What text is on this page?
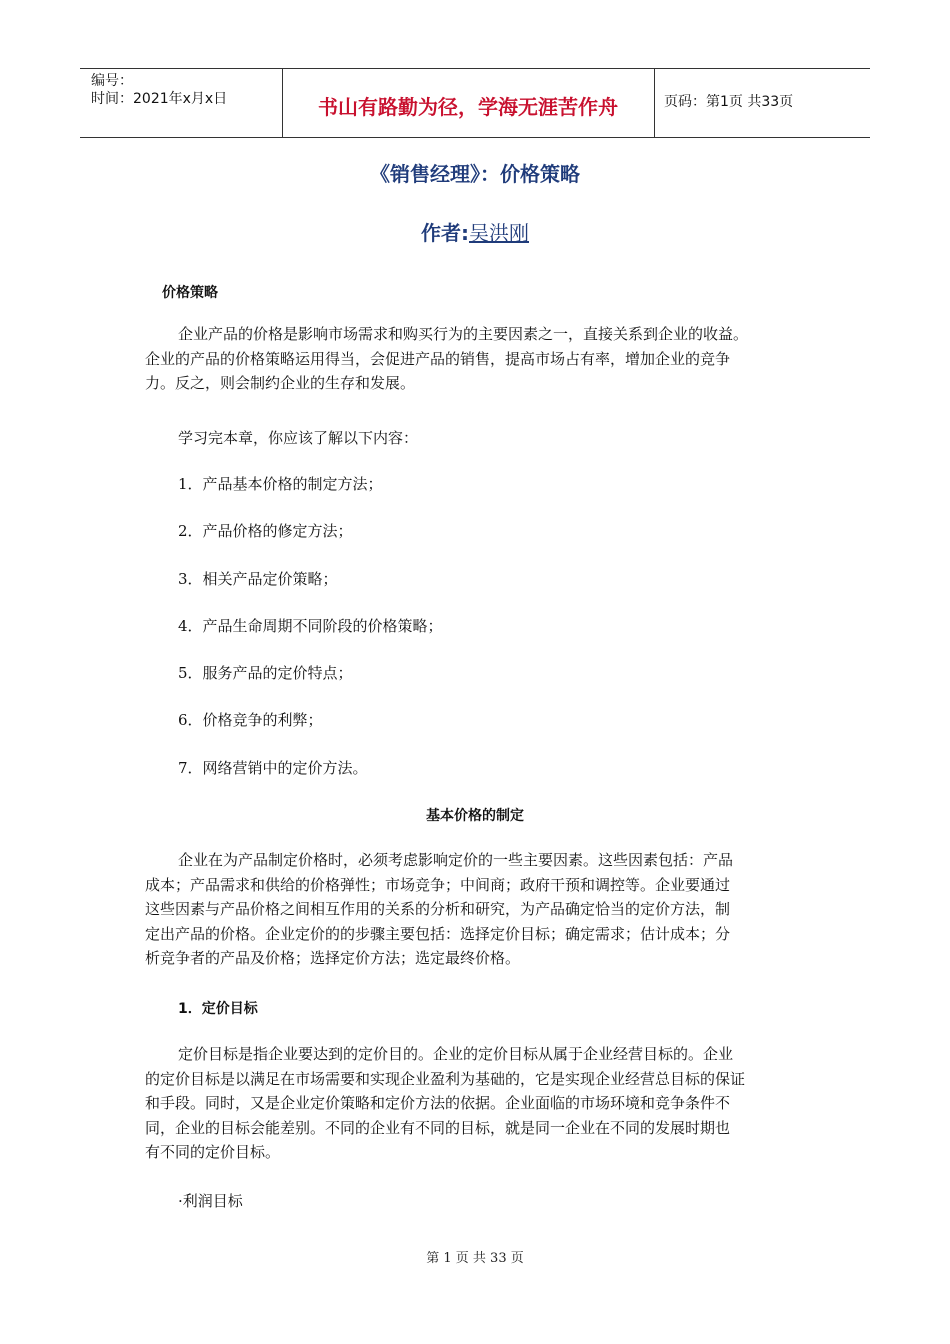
编号：
时间：2021年x月x日	书山有路勤为径，学海无涯苦作舟	页码：第1页 共33页
《销售经理》：价格策略
作者:吴洪刚
价格策略
企业产品的价格是影响市场需求和购买行为的主要因素之一，直接关系到企业的收益。
企业的产品的价格策略运用得当，会促进产品的销售，提高市场占有率，增加企业的竞争
力。反之，则会制约企业的生存和发展。
学习完本章，你应该了解以下内容：
1．产品基本价格的制定方法；
2．产品价格的修定方法；
3．相关产品定价策略；
4．产品生命周期不同阶段的价格策略；
5．服务产品的定价特点；
6．价格竞争的利弊；
7．网络营销中的定价方法。
基本价格的制定
企业在为产品制定价格时，必须考虑影响定价的一些主要因素。这些因素包括：产品
成本；产品需求和供给的价格弹性；市场竞争；中间商；政府干预和调控等。企业要通过
这些因素与产品价格之间相互作用的关系的分析和研究，为产品确定恰当的定价方法，制
定出产品的价格。企业定价的的步骤主要包括：选择定价目标；确定需求；估计成本；分
析竞争者的产品及价格；选择定价方法；选定最终价格。
1．定价目标
定价目标是指企业要达到的定价目的。企业的定价目标从属于企业经营目标的。企业
的定价目标是以满足在市场需要和实现企业盈利为基础的，它是实现企业经营总目标的保证
和手段。同时，又是企业定价策略和定价方法的依据。企业面临的市场环境和竞争条件不
同，企业的目标会能差别。不同的企业有不同的目标，就是同一企业在不同的发展时期也
有不同的定价目标。
·利润目标
第 1 页 共 33 页
